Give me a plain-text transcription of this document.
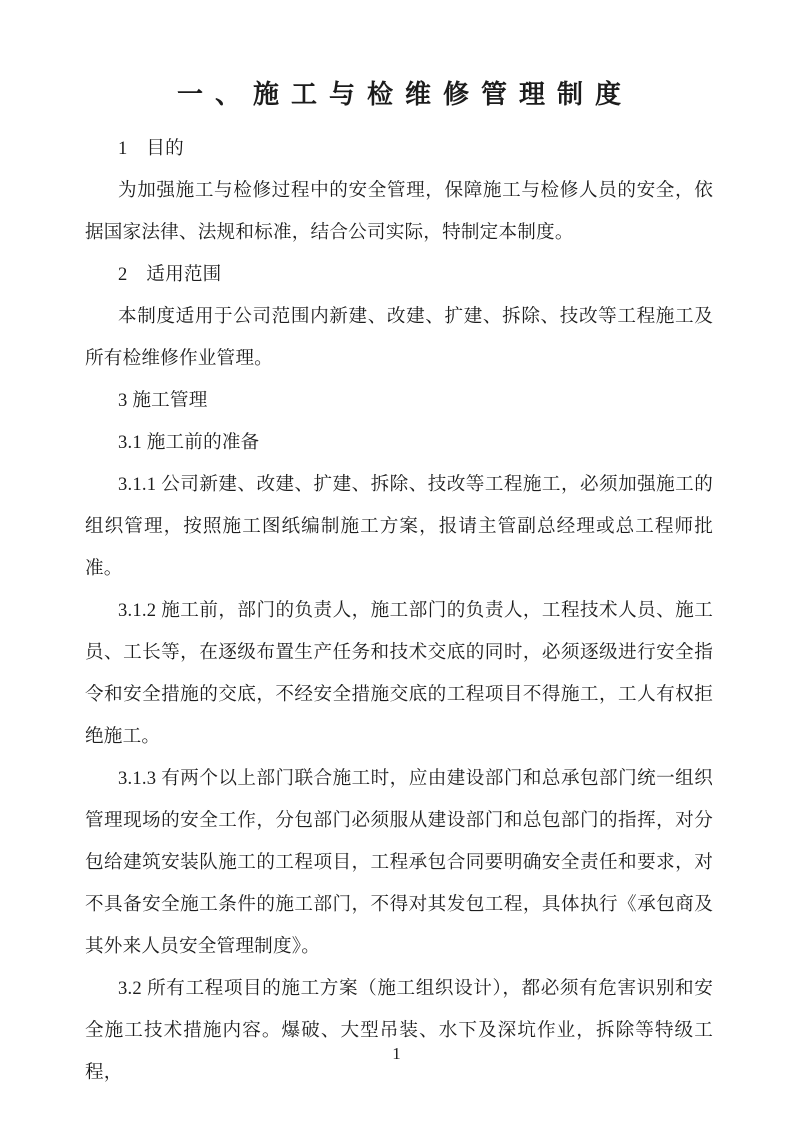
一、施工与检维修管理制度

1　目的

为加强施工与检修过程中的安全管理，保障施工与检修人员的安全，依据国家法律、法规和标准，结合公司实际，特制定本制度。

2　适用范围

本制度适用于公司范围内新建、改建、扩建、拆除、技改等工程施工及所有检维修作业管理。

3 施工管理

3.1 施工前的准备

3.1.1 公司新建、改建、扩建、拆除、技改等工程施工，必须加强施工的组织管理，按照施工图纸编制施工方案，报请主管副总经理或总工程师批准。

3.1.2 施工前，部门的负责人，施工部门的负责人，工程技术人员、施工员、工长等，在逐级布置生产任务和技术交底的同时，必须逐级进行安全指令和安全措施的交底，不经安全措施交底的工程项目不得施工，工人有权拒绝施工。

3.1.3 有两个以上部门联合施工时，应由建设部门和总承包部门统一组织管理现场的安全工作，分包部门必须服从建设部门和总包部门的指挥，对分包给建筑安装队施工的工程项目，工程承包合同要明确安全责任和要求，对不具备安全施工条件的施工部门，不得对其发包工程，具体执行《承包商及其外来人员安全管理制度》。

3.2 所有工程项目的施工方案（施工组织设计），都必须有危害识别和安全施工技术措施内容。爆破、大型吊装、水下及深坑作业，拆除等特级工程，

1
